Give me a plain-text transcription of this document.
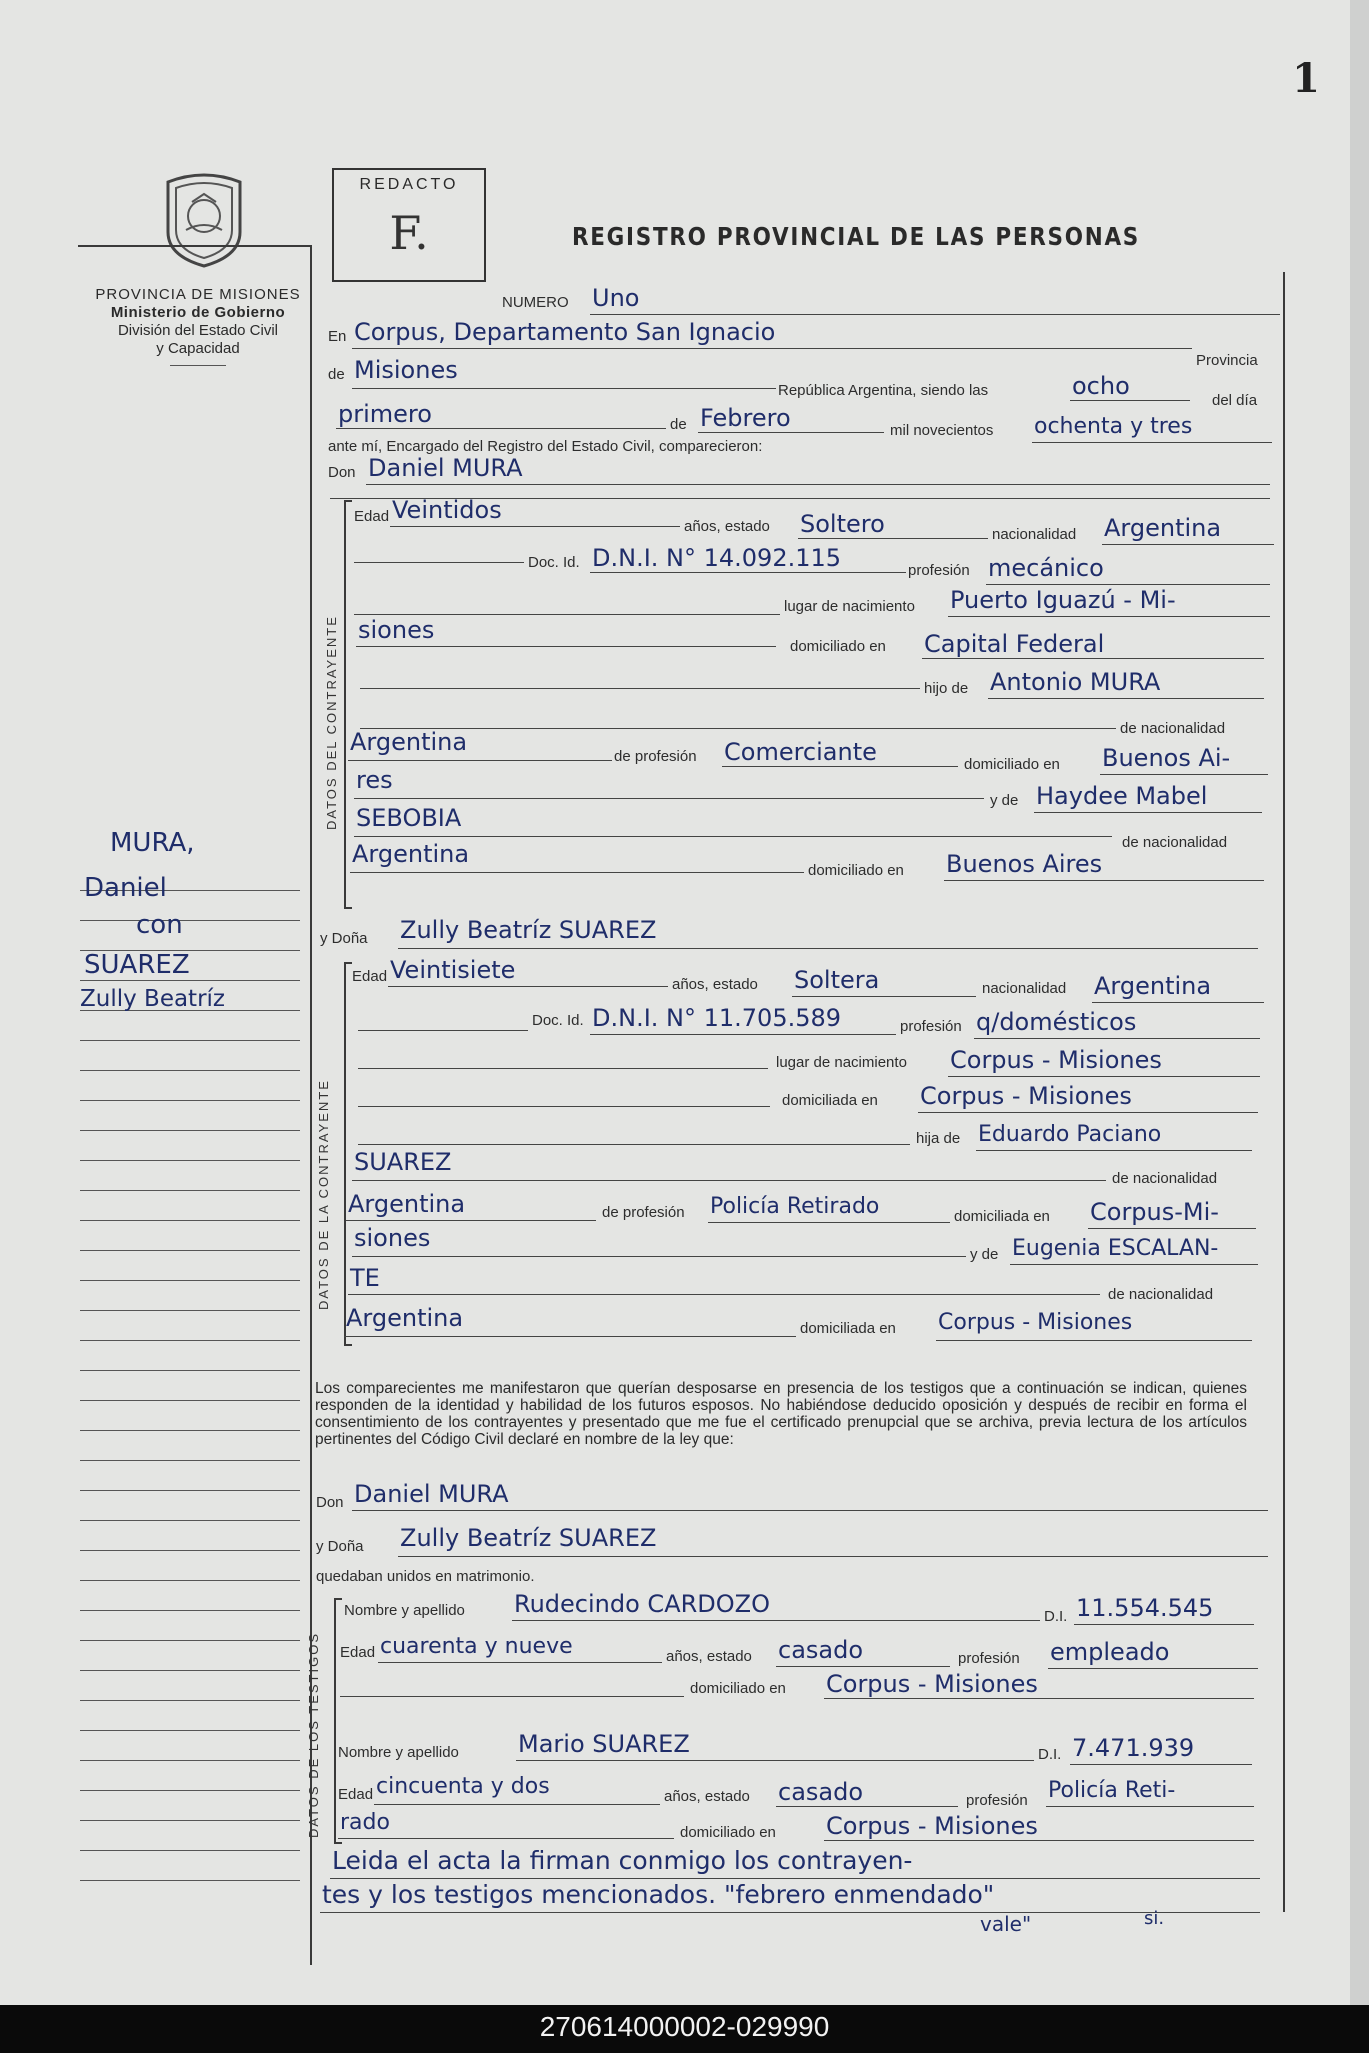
1
PROVINCIA DE MISIONES
Ministerio de Gobierno
División del Estado Civil
y Capacidad
REDACTO
F.	REGISTRO PROVINCIAL DE LAS PERSONAS
MURA,
Daniel
con
SUAREZ
Zully Beatríz
NUMERO Uno
En Corpus, Departamento San Ignacio
Provincia
de Misiones
República Argentina, siendo las	ocho
del día
primero	de Febrero	mil novecientos ochenta y tres
ante mí, Encargado del Registro del Estado Civil, comparecieron:
Don Daniel MURA
DATOS DEL CONTRAYENTE
Edad Veintidos
años, estado Soltero	nacionalidad Argentina
Doc. Id. D.N.I. N° 14.092.115	profesión mecánico
lugar de nacimiento Puerto Iguazú - Mi-
siones
domiciliado en Capital Federal
hijo de Antonio MURA
de nacionalidad
Argentina
de profesión Comerciante	domiciliado en Buenos Ai-
res
y de Haydee Mabel
SEBOBIA
de nacionalidad
Argentina
domiciliado en Buenos Aires
y Doña Zully Beatríz SUAREZ
DATOS DE LA CONTRAYENTE
Edad Veintisiete
años, estado Soltera	nacionalidad Argentina
Doc. Id. D.N.I. N° 11.705.589	profesión q/domésticos
lugar de nacimiento Corpus - Misiones
domiciliada en Corpus - Misiones
hija de Eduardo Paciano
SUAREZ
de nacionalidad
Argentina	de profesión Policía Retirado	domiciliada en Corpus-Mi-
siones
y de Eugenia ESCALAN-
TE
de nacionalidad
Argentina	domiciliada en Corpus - Misiones
Los comparecientes me manifestaron que querían desposarse en presencia de los testigos que a continuación se indican, quienes responden de la identidad y habilidad de los futuros esposos. No habiéndose deducido oposición y después de recibir en forma el consentimiento de los contrayentes y presentado que me fue el certificado prenupcial que se archiva, previa lectura de los artículos pertinentes del Código Civil declaré en nombre de la ley que:
Don Daniel MURA
y Doña Zully Beatríz SUAREZ
quedaban unidos en matrimonio.
DATOS DE LOS TESTIGOS
Nombre y apellido Rudecindo CARDOZO	D.I. 11.554.545
Edad cuarenta y nueve	años, estado casado	profesión empleado
domiciliado en Corpus - Misiones
Nombre y apellido Mario SUAREZ	D.I. 7.471.939
Edad cincuenta y dos	años, estado casado	profesión Policía Reti-
rado	domiciliado en Corpus - Misiones
Leida el acta la firman conmigo los contrayen-
tes y los testigos mencionados. "febrero enmendado"
vale"	si.
270614000002-029990
